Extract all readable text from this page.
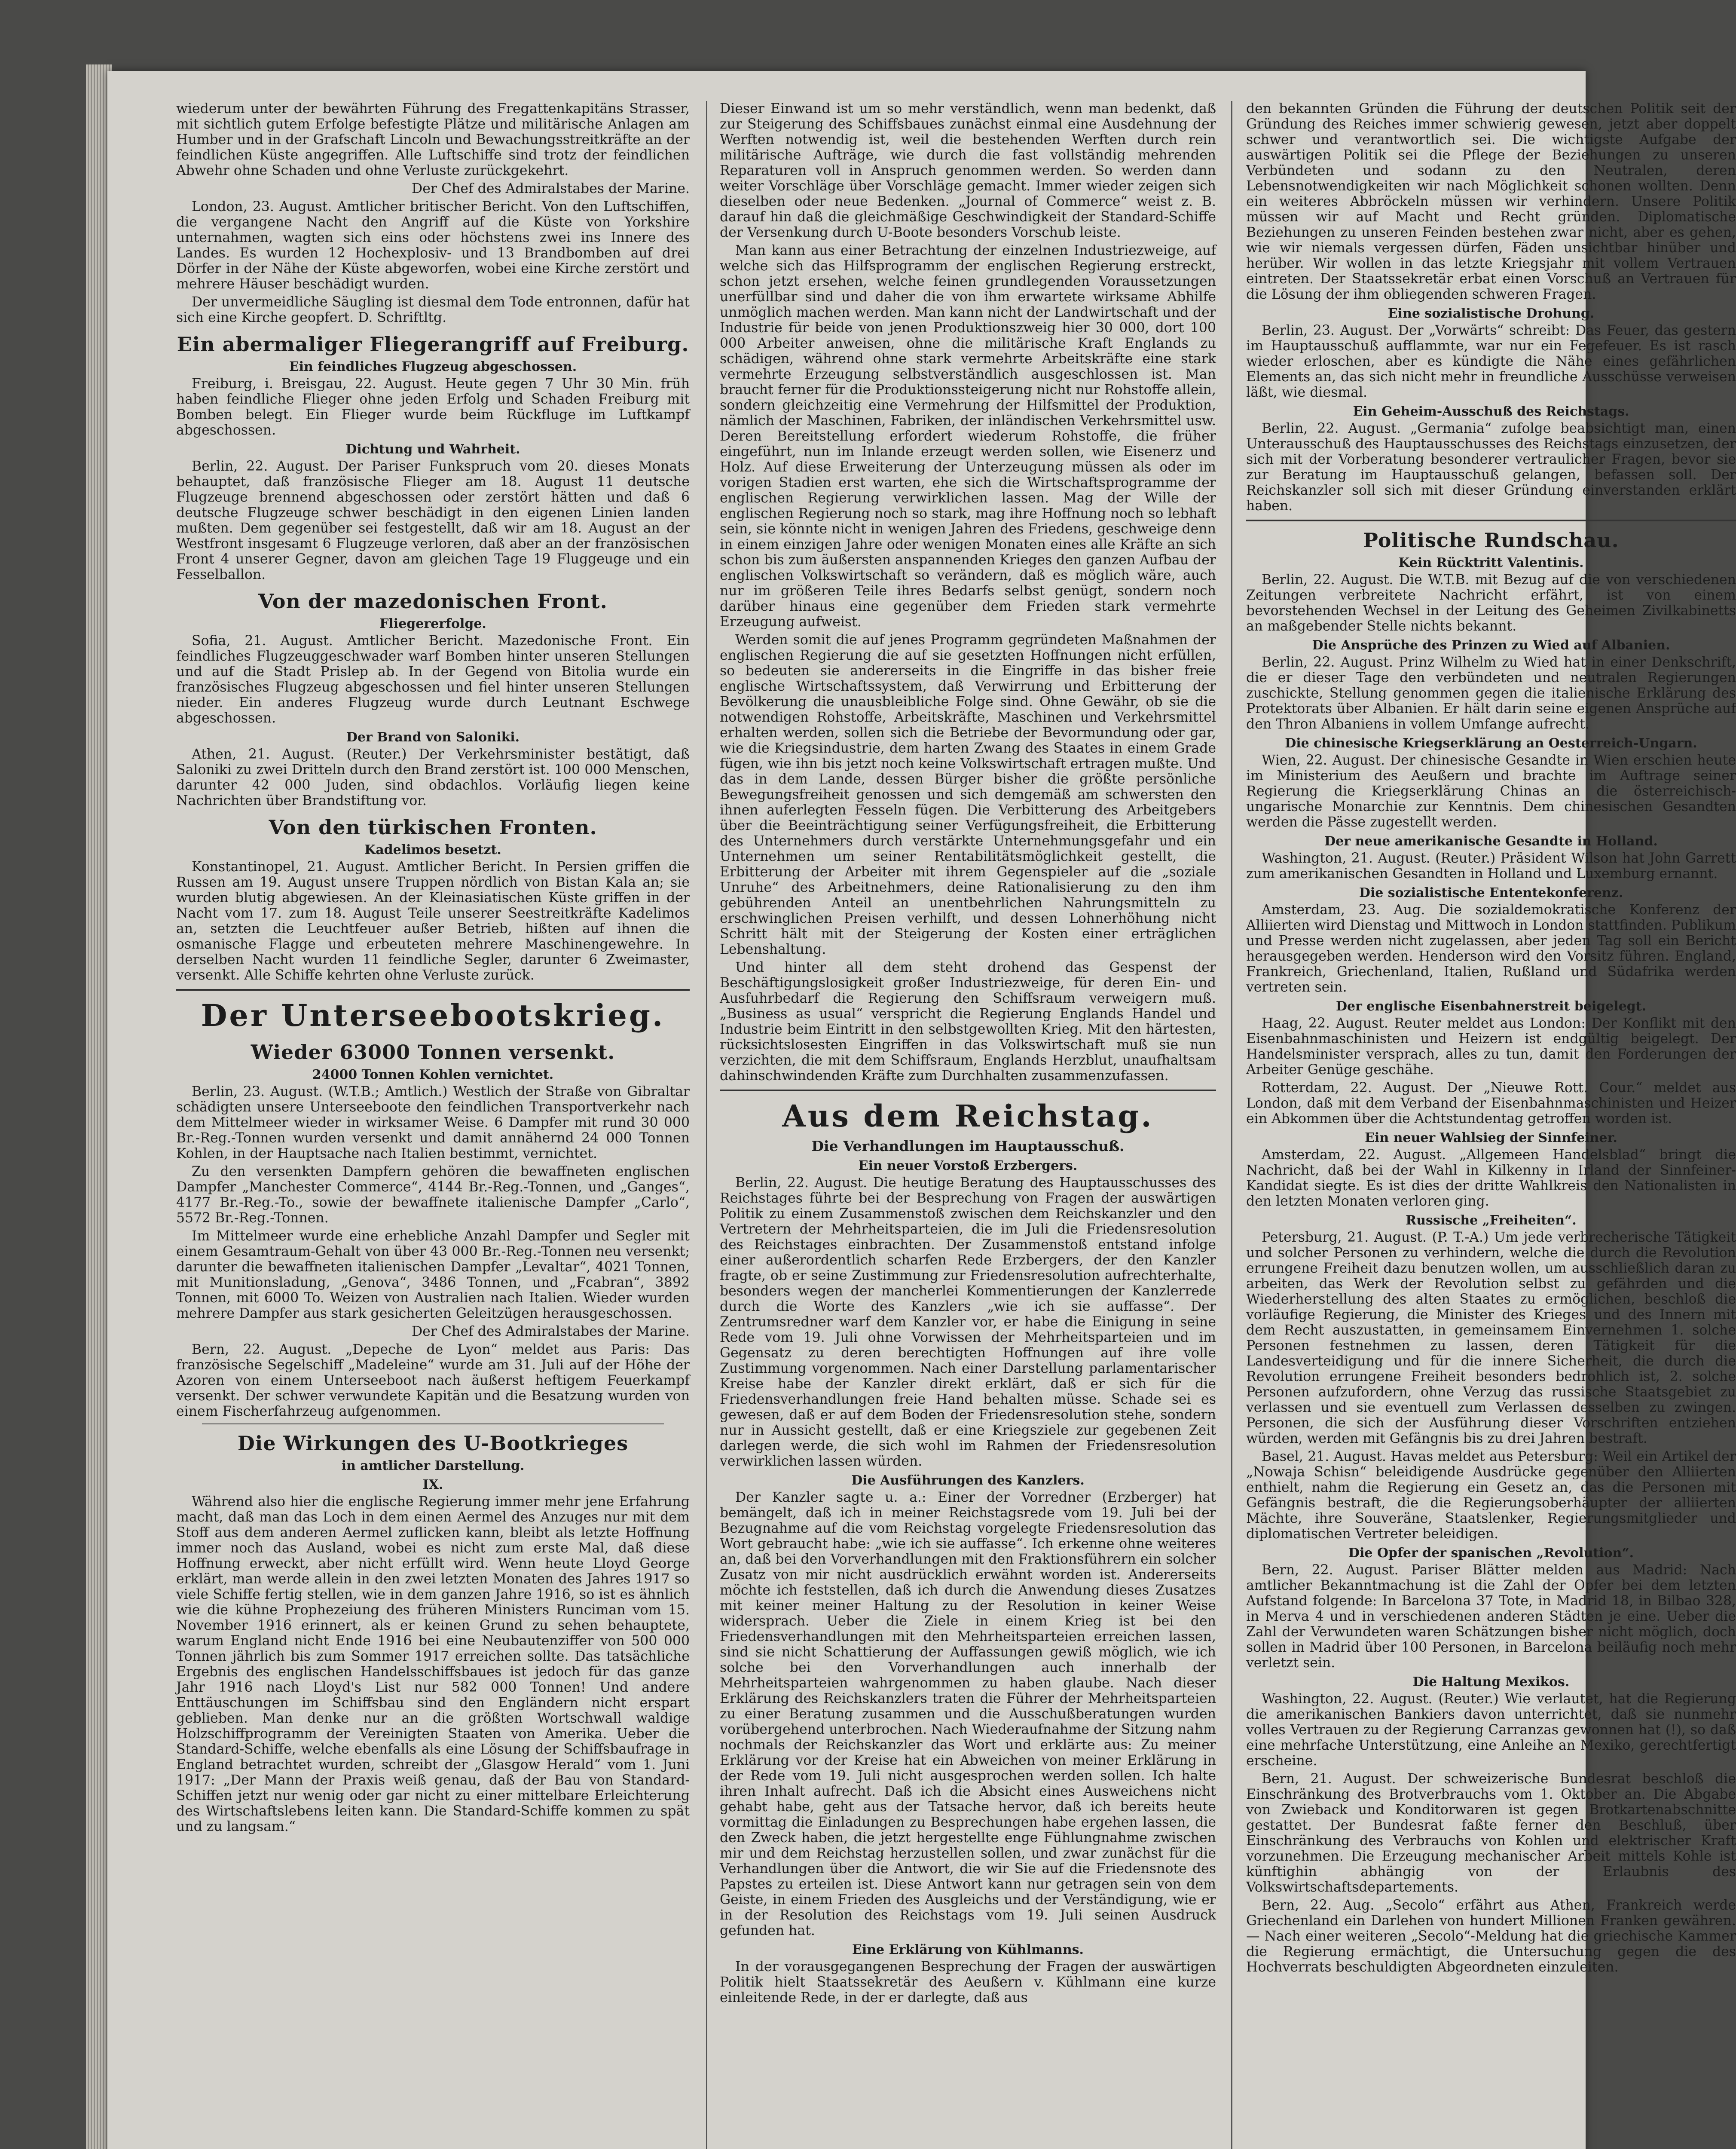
wiederum unter der bewährten Führung des Fregattenkapitäns Strasser, mit sichtlich gutem Erfolge befestigte Plätze und militärische Anlagen am Humber und in der Grafschaft Lincoln und Bewachungsstreitkräfte an der feindlichen Küste angegriffen. Alle Luftschiffe sind trotz der feindlichen Abwehr ohne Schaden und ohne Verluste zurückgekehrt.

Der Chef des Admiralstabes der Marine.

London, 23. August. Amtlicher britischer Bericht. Von den Luftschiffen, die vergangene Nacht den Angriff auf die Küste von Yorkshire unternahmen, wagten sich eins oder höchstens zwei ins Innere des Landes. Es wurden 12 Hochexplosiv- und 13 Brandbomben auf drei Dörfer in der Nähe der Küste abgeworfen, wobei eine Kirche zerstört und mehrere Häuser beschädigt wurden.

Der unvermeidliche Säugling ist diesmal dem Tode entronnen, dafür hat sich eine Kirche geopfert. D. Schriftltg.

Ein abermaliger Fliegerangriff auf Freiburg.
Ein feindliches Flugzeug abgeschossen.

Freiburg, i. Breisgau, 22. August. Heute gegen 7 Uhr 30 Min. früh haben feindliche Flieger ohne jeden Erfolg und Schaden Freiburg mit Bomben belegt. Ein Flieger wurde beim Rückfluge im Luftkampf abgeschossen.

Dichtung und Wahrheit.

Berlin, 22. August. Der Pariser Funkspruch vom 20. dieses Monats behauptet, daß französische Flieger am 18. August 11 deutsche Flugzeuge brennend abgeschossen oder zerstört hätten und daß 6 deutsche Flugzeuge schwer beschädigt in den eigenen Linien landen mußten. Dem gegenüber sei festgestellt, daß wir am 18. August an der Westfront insgesamt 6 Flugzeuge verloren, daß aber an der französischen Front 4 unserer Gegner, davon am gleichen Tage 19 Fluggeuge und ein Fesselballon.

Von der mazedonischen Front.
Fliegererfolge.

Sofia, 21. August. Amtlicher Bericht. Mazedonische Front. Ein feindliches Flugzeuggeschwader warf Bomben hinter unseren Stellungen und auf die Stadt Prislep ab. In der Gegend von Bitolia wurde ein französisches Flugzeug abgeschossen und fiel hinter unseren Stellungen nieder. Ein anderes Flugzeug wurde durch Leutnant Eschwege abgeschossen.

Der Brand von Saloniki.

Athen, 21. August. (Reuter.) Der Verkehrsminister bestätigt, daß Saloniki zu zwei Dritteln durch den Brand zerstört ist. 100 000 Menschen, darunter 42 000 Juden, sind obdachlos. Vorläufig liegen keine Nachrichten über Brandstiftung vor.

Von den türkischen Fronten.
Kadelimos besetzt.

Konstantinopel, 21. August. Amtlicher Bericht. In Persien griffen die Russen am 19. August unsere Truppen nördlich von Bistan Kala an; sie wurden blutig abgewiesen. An der Kleinasiatischen Küste griffen in der Nacht vom 17. zum 18. August Teile unserer Seestreitkräfte Kadelimos an, setzten die Leuchtfeuer außer Betrieb, hißten auf ihnen die osmanische Flagge und erbeuteten mehrere Maschinengewehre. In derselben Nacht wurden 11 feindliche Segler, darunter 6 Zweimaster, versenkt. Alle Schiffe kehrten ohne Verluste zurück.

Der Unterseebootskrieg.
Wieder 63000 Tonnen versenkt.
24000 Tonnen Kohlen vernichtet.

Berlin, 23. August. (W.T.B.; Amtlich.) Westlich der Straße von Gibraltar schädigten unsere Unterseeboote den feindlichen Transportverkehr nach dem Mittelmeer wieder in wirksamer Weise. 6 Dampfer mit rund 30 000 Br.-Reg.-Tonnen wurden versenkt und damit annähernd 24 000 Tonnen Kohlen, in der Hauptsache nach Italien bestimmt, vernichtet.

Zu den versenkten Dampfern gehören die bewaffneten englischen Dampfer „Manchester Commerce“, 4144 Br.-Reg.-Tonnen, und „Ganges“, 4177 Br.-Reg.-To., sowie der bewaffnete italienische Dampfer „Carlo“, 5572 Br.-Reg.-Tonnen.

Im Mittelmeer wurde eine erhebliche Anzahl Dampfer und Segler mit einem Gesamtraum-Gehalt von über 43 000 Br.-Reg.-Tonnen neu versenkt; darunter die bewaffneten italienischen Dampfer „Levaltar“, 4021 Tonnen, mit Munitionsladung, „Genova“, 3486 Tonnen, und „Fcabran“, 3892 Tonnen, mit 6000 To. Weizen von Australien nach Italien. Wieder wurden mehrere Dampfer aus stark gesicherten Geleitzügen herausgeschossen.

Der Chef des Admiralstabes der Marine.

Bern, 22. August. „Depeche de Lyon“ meldet aus Paris: Das französische Segelschiff „Madeleine“ wurde am 31. Juli auf der Höhe der Azoren von einem Unterseeboot nach äußerst heftigem Feuerkampf versenkt. Der schwer verwundete Kapitän und die Besatzung wurden von einem Fischerfahrzeug aufgenommen.

Die Wirkungen des U-Bootkrieges
in amtlicher Darstellung.
IX.

Während also hier die englische Regierung immer mehr jene Erfahrung macht, daß man das Loch in dem einen Aermel des Anzuges nur mit dem Stoff aus dem anderen Aermel zuflicken kann, bleibt als letzte Hoffnung immer noch das Ausland, wobei es nicht zum erste Mal, daß diese Hoffnung erweckt, aber nicht erfüllt wird. Wenn heute Lloyd George erklärt, man werde allein in den zwei letzten Monaten des Jahres 1917 so viele Schiffe fertig stellen, wie in dem ganzen Jahre 1916, so ist es ähnlich wie die kühne Prophezeiung des früheren Ministers Runciman vom 15. November 1916 erinnert, als er keinen Grund zu sehen behauptete, warum England nicht Ende 1916 bei eine Neubautenziffer von 500 000 Tonnen jährlich bis zum Sommer 1917 erreichen sollte. Das tatsächliche Ergebnis des englischen Handelsschiffsbaues ist jedoch für das ganze Jahr 1916 nach Lloyd's List nur 582 000 Tonnen! Und andere Enttäuschungen im Schiffsbau sind den Engländern nicht erspart geblieben. Man denke nur an die größten Wortschwall waldige Holzschiffprogramm der Vereinigten Staaten von Amerika. Ueber die Standard-Schiffe, welche ebenfalls als eine Lösung der Schiffsbaufrage in England betrachtet wurden, schreibt der „Glasgow Herald“ vom 1. Juni 1917: „Der Mann der Praxis weiß genau, daß der Bau von Standard-Schiffen jetzt nur wenig oder gar nicht zu einer mittelbare Erleichterung des Wirtschaftslebens leiten kann. Die Standard-Schiffe kommen zu spät und zu langsam.“

Dieser Einwand ist um so mehr verständlich, wenn man bedenkt, daß zur Steigerung des Schiffsbaues zunächst einmal eine Ausdehnung der Werften notwendig ist, weil die bestehenden Werften durch rein militärische Aufträge, wie durch die fast vollständig mehrenden Reparaturen voll in Anspruch genommen werden. So werden dann weiter Vorschläge über Vorschläge gemacht. Immer wieder zeigen sich dieselben oder neue Bedenken. „Journal of Commerce“ weist z. B. darauf hin daß die gleichmäßige Geschwindigkeit der Standard-Schiffe der Versenkung durch U-Boote besonders Vorschub leiste.

Man kann aus einer Betrachtung der einzelnen Industriezweige, auf welche sich das Hilfsprogramm der englischen Regierung erstreckt, schon jetzt ersehen, welche feinen grundlegenden Voraussetzungen unerfüllbar sind und daher die von ihm erwartete wirksame Abhilfe unmöglich machen werden. Man kann nicht der Landwirtschaft und der Industrie für beide von jenen Produktionszweig hier 30 000, dort 100 000 Arbeiter anweisen, ohne die militärische Kraft Englands zu schädigen, während ohne stark vermehrte Arbeitskräfte eine stark vermehrte Erzeugung selbstverständlich ausgeschlossen ist. Man braucht ferner für die Produktionssteigerung nicht nur Rohstoffe allein, sondern gleichzeitig eine Vermehrung der Hilfsmittel der Produktion, nämlich der Maschinen, Fabriken, der inländischen Verkehrsmittel usw. Deren Bereitstellung erfordert wiederum Rohstoffe, die früher eingeführt, nun im Inlande erzeugt werden sollen, wie Eisenerz und Holz. Auf diese Erweiterung der Unterzeugung müssen als oder im vorigen Stadien erst warten, ehe sich die Wirtschaftsprogramme der englischen Regierung verwirklichen lassen. Mag der Wille der englischen Regierung noch so stark, mag ihre Hoffnung noch so lebhaft sein, sie könnte nicht in wenigen Jahren des Friedens, geschweige denn in einem einzigen Jahre oder wenigen Monaten eines alle Kräfte an sich schon bis zum äußersten anspannenden Krieges den ganzen Aufbau der englischen Volkswirtschaft so verändern, daß es möglich wäre, auch nur im größeren Teile ihres Bedarfs selbst genügt, sondern noch darüber hinaus eine gegenüber dem Frieden stark vermehrte Erzeugung aufweist.

Werden somit die auf jenes Programm gegründeten Maßnahmen der englischen Regierung die auf sie gesetzten Hoffnungen nicht erfüllen, so bedeuten sie andererseits in die Eingriffe in das bisher freie englische Wirtschaftssystem, daß Verwirrung und Erbitterung der Bevölkerung die unausbleibliche Folge sind. Ohne Gewähr, ob sie die notwendigen Rohstoffe, Arbeitskräfte, Maschinen und Verkehrsmittel erhalten werden, sollen sich die Betriebe der Bevormundung oder gar, wie die Kriegsindustrie, dem harten Zwang des Staates in einem Grade fügen, wie ihn bis jetzt noch keine Volkswirtschaft ertragen mußte. Und das in dem Lande, dessen Bürger bisher die größte persönliche Bewegungsfreiheit genossen und sich demgemäß am schwersten den ihnen auferlegten Fesseln fügen. Die Verbitterung des Arbeitgebers über die Beeinträchtigung seiner Verfügungsfreiheit, die Erbitterung des Unternehmers durch verstärkte Unternehmungsgefahr und ein Unternehmen um seiner Rentabilitätsmöglichkeit gestellt, die Erbitterung der Arbeiter mit ihrem Gegenspieler auf die „soziale Unruhe“ des Arbeitnehmers, deine Rationalisierung zu den ihm gebührenden Anteil an unentbehrlichen Nahrungsmitteln zu erschwinglichen Preisen verhilft, und dessen Lohnerhöhung nicht Schritt hält mit der Steigerung der Kosten einer erträglichen Lebenshaltung.

Und hinter all dem steht drohend das Gespenst der Beschäftigungslosigkeit großer Industriezweige, für deren Ein- und Ausfuhrbedarf die Regierung den Schiffsraum verweigern muß. „Business as usual“ verspricht die Regierung Englands Handel und Industrie beim Eintritt in den selbstgewollten Krieg. Mit den härtesten, rücksichtslosesten Eingriffen in das Volkswirtschaft muß sie nun verzichten, die mit dem Schiffsraum, Englands Herzblut, unaufhaltsam dahinschwindenden Kräfte zum Durchhalten zusammenzufassen.

Aus dem Reichstag.
Die Verhandlungen im Hauptausschuß.
Ein neuer Vorstoß Erzbergers.

Berlin, 22. August. Die heutige Beratung des Hauptausschusses des Reichstages führte bei der Besprechung von Fragen der auswärtigen Politik zu einem Zusammenstoß zwischen dem Reichskanzler und den Vertretern der Mehrheitsparteien, die im Juli die Friedensresolution des Reichstages einbrachten. Der Zusammenstoß entstand infolge einer außerordentlich scharfen Rede Erzbergers, der den Kanzler fragte, ob er seine Zustimmung zur Friedensresolution aufrechterhalte, besonders wegen der mancherlei Kommentierungen der Kanzlerrede durch die Worte des Kanzlers „wie ich sie auffasse“. Der Zentrumsredner warf dem Kanzler vor, er habe die Einigung in seine Rede vom 19. Juli ohne Vorwissen der Mehrheitsparteien und im Gegensatz zu deren berechtigten Hoffnungen auf ihre volle Zustimmung vorgenommen. Nach einer Darstellung parlamentarischer Kreise habe der Kanzler direkt erklärt, daß er sich für die Friedensverhandlungen freie Hand behalten müsse. Schade sei es gewesen, daß er auf dem Boden der Friedensresolution stehe, sondern nur in Aussicht gestellt, daß er eine Kriegsziele zur gegebenen Zeit darlegen werde, die sich wohl im Rahmen der Friedensresolution verwirklichen lassen würden.

Die Ausführungen des Kanzlers.

Der Kanzler sagte u. a.: Einer der Vorredner (Erzberger) hat bemängelt, daß ich in meiner Reichstagsrede vom 19. Juli bei der Bezugnahme auf die vom Reichstag vorgelegte Friedensresolution das Wort gebraucht habe: „wie ich sie auffasse“. Ich erkenne ohne weiteres an, daß bei den Vorverhandlungen mit den Fraktionsführern ein solcher Zusatz von mir nicht ausdrücklich erwähnt worden ist. Andererseits möchte ich feststellen, daß ich durch die Anwendung dieses Zusatzes mit keiner meiner Haltung zu der Resolution in keiner Weise widersprach. Ueber die Ziele in einem Krieg ist bei den Friedensverhandlungen mit den Mehrheitsparteien erreichen lassen, sind sie nicht Schattierung der Auffassungen gewiß möglich, wie ich solche bei den Vorverhandlungen auch innerhalb der Mehrheitsparteien wahrgenommen zu haben glaube. Nach dieser Erklärung des Reichskanzlers traten die Führer der Mehrheitsparteien zu einer Beratung zusammen und die Ausschußberatungen wurden vorübergehend unterbrochen. Nach Wiederaufnahme der Sitzung nahm nochmals der Reichskanzler das Wort und erklärte aus: Zu meiner Erklärung vor der Kreise hat ein Abweichen von meiner Erklärung in der Rede vom 19. Juli nicht ausgesprochen werden sollen. Ich halte ihren Inhalt aufrecht. Daß ich die Absicht eines Ausweichens nicht gehabt habe, geht aus der Tatsache hervor, daß ich bereits heute vormittag die Einladungen zu Besprechungen habe ergehen lassen, die den Zweck haben, die jetzt hergestellte enge Fühlungnahme zwischen mir und dem Reichstag herzustellen sollen, und zwar zunächst für die Verhandlungen über die Antwort, die wir Sie auf die Friedensnote des Papstes zu erteilen ist. Diese Antwort kann nur getragen sein von dem Geiste, in einem Frieden des Ausgleichs und der Verständigung, wie er in der Resolution des Reichstags vom 19. Juli seinen Ausdruck gefunden hat.

Eine Erklärung von Kühlmanns.

In der vorausgegangenen Besprechung der Fragen der auswärtigen Politik hielt Staatssekretär des Aeußern v. Kühlmann eine kurze einleitende Rede, in der er darlegte, daß aus

den bekannten Gründen die Führung der deutschen Politik seit der Gründung des Reiches immer schwierig gewesen, jetzt aber doppelt schwer und verantwortlich sei. Die wichtigste Aufgabe der auswärtigen Politik sei die Pflege der Beziehungen zu unseren Verbündeten und sodann zu den Neutralen, deren Lebensnotwendigkeiten wir nach Möglichkeit schonen wollten. Denn ein weiteres Abbröckeln müssen wir verhindern. Unsere Politik müssen wir auf Macht und Recht gründen. Diplomatische Beziehungen zu unseren Feinden bestehen zwar nicht, aber es gehen, wie wir niemals vergessen dürfen, Fäden unsichtbar hinüber und herüber. Wir wollen in das letzte Kriegsjahr mit vollem Vertrauen eintreten. Der Staatssekretär erbat einen Vorschuß an Vertrauen für die Lösung der ihm obliegenden schweren Fragen.

Eine sozialistische Drohung.

Berlin, 23. August. Der „Vorwärts“ schreibt: Das Feuer, das gestern im Hauptausschuß aufflammte, war nur ein Fegefeuer. Es ist rasch wieder erloschen, aber es kündigte die Nähe eines gefährlichen Elements an, das sich nicht mehr in freundliche Ausschüsse verweisen läßt, wie diesmal.

Ein Geheim-Ausschuß des Reichstags.

Berlin, 22. August. „Germania“ zufolge beabsichtigt man, einen Unterausschuß des Hauptausschusses des Reichstags einzusetzen, der sich mit der Vorberatung besonderer vertraulicher Fragen, bevor sie zur Beratung im Hauptausschuß gelangen, befassen soll. Der Reichskanzler soll sich mit dieser Gründung einverstanden erklärt haben.

Politische Rundschau.
Kein Rücktritt Valentinis.

Berlin, 22. August. Die W.T.B. mit Bezug auf die von verschiedenen Zeitungen verbreitete Nachricht erfährt, ist von einem bevorstehenden Wechsel in der Leitung des Geheimen Zivilkabinetts an maßgebender Stelle nichts bekannt.

Die Ansprüche des Prinzen zu Wied auf Albanien.

Berlin, 22. August. Prinz Wilhelm zu Wied hat in einer Denkschrift, die er dieser Tage den verbündeten und neutralen Regierungen zuschickte, Stellung genommen gegen die italienische Erklärung des Protektorats über Albanien. Er hält darin seine eigenen Ansprüche auf den Thron Albaniens in vollem Umfange aufrecht.

Die chinesische Kriegserklärung an Oesterreich-Ungarn.

Wien, 22. August. Der chinesische Gesandte in Wien erschien heute im Ministerium des Aeußern und brachte im Auftrage seiner Regierung die Kriegserklärung Chinas an die österreichisch-ungarische Monarchie zur Kenntnis. Dem chinesischen Gesandten werden die Pässe zugestellt werden.

Der neue amerikanische Gesandte in Holland.

Washington, 21. August. (Reuter.) Präsident Wilson hat John Garrett zum amerikanischen Gesandten in Holland und Luxemburg ernannt.

Die sozialistische Ententekonferenz.

Amsterdam, 23. Aug. Die sozialdemokratische Konferenz der Alliierten wird Dienstag und Mittwoch in London stattfinden. Publikum und Presse werden nicht zugelassen, aber jeden Tag soll ein Bericht herausgegeben werden. Henderson wird den Vorsitz führen. England, Frankreich, Griechenland, Italien, Rußland und Südafrika werden vertreten sein.

Der englische Eisenbahnerstreit beigelegt.

Haag, 22. August. Reuter meldet aus London: Der Konflikt mit den Eisenbahnmaschinisten und Heizern ist endgültig beigelegt. Der Handelsminister versprach, alles zu tun, damit den Forderungen der Arbeiter Genüge geschähe.

Rotterdam, 22. August. Der „Nieuwe Rott. Cour.“ meldet aus London, daß mit dem Verband der Eisenbahnmaschinisten und Heizer ein Abkommen über die Achtstundentag getroffen worden ist.

Ein neuer Wahlsieg der Sinnfeiner.

Amsterdam, 22. August. „Allgemeen Handelsblad“ bringt die Nachricht, daß bei der Wahl in Kilkenny in Irland der Sinnfeiner-Kandidat siegte. Es ist dies der dritte Wahlkreis den Nationalisten in den letzten Monaten verloren ging.

Russische „Freiheiten“.

Petersburg, 21. August. (P. T.-A.) Um jede verbrecherische Tätigkeit und solcher Personen zu verhindern, welche die durch die Revolution errungene Freiheit dazu benutzen wollen, um ausschließlich daran zu arbeiten, das Werk der Revolution selbst zu gefährden und die Wiederherstellung des alten Staates zu ermöglichen, beschloß die vorläufige Regierung, die Minister des Krieges und des Innern mit dem Recht auszustatten, in gemeinsamem Einvernehmen 1. solche Personen festnehmen zu lassen, deren Tätigkeit für die Landesverteidigung und für die innere Sicherheit, die durch die Revolution errungene Freiheit besonders bedrohlich ist, 2. solche Personen aufzufordern, ohne Verzug das russische Staatsgebiet zu verlassen und sie eventuell zum Verlassen desselben zu zwingen. Personen, die sich der Ausführung dieser Vorschriften entziehen würden, werden mit Gefängnis bis zu drei Jahren bestraft.

Basel, 21. August. Havas meldet aus Petersburg: Weil ein Artikel der „Nowaja Schisn“ beleidigende Ausdrücke gegenüber den Alliierten enthielt, nahm die Regierung ein Gesetz an, das die Personen mit Gefängnis bestraft, die die Regierungsoberhäupter der alliierten Mächte, ihre Souveräne, Staatslenker, Regierungsmitglieder und diplomatischen Vertreter beleidigen.

Die Opfer der spanischen „Revolution“.

Bern, 22. August. Pariser Blätter melden aus Madrid: Nach amtlicher Bekanntmachung ist die Zahl der Opfer bei dem letzten Aufstand folgende: In Barcelona 37 Tote, in Madrid 18, in Bilbao 328, in Merva 4 und in verschiedenen anderen Städten je eine. Ueber die Zahl der Verwundeten waren Schätzungen bisher nicht möglich, doch sollen in Madrid über 100 Personen, in Barcelona beiläufig noch mehr verletzt sein.

Die Haltung Mexikos.

Washington, 22. August. (Reuter.) Wie verlautet, hat die Regierung die amerikanischen Bankiers davon unterrichtet, daß sie nunmehr volles Vertrauen zu der Regierung Carranzas gewonnen hat (!), so daß eine mehrfache Unterstützung, eine Anleihe an Mexiko, gerechtfertigt erscheine.

Bern, 21. August. Der schweizerische Bundesrat beschloß die Einschränkung des Brotverbrauchs vom 1. Oktober an. Die Abgabe von Zwieback und Konditorwaren ist gegen Brotkartenabschnitte gestattet. Der Bundesrat faßte ferner den Beschluß, über Einschränkung des Verbrauchs von Kohlen und elektrischer Kraft vorzunehmen. Die Erzeugung mechanischer Arbeit mittels Kohle ist künftighin abhängig von der Erlaubnis des Volkswirtschaftsdepartements.

Bern, 22. Aug. „Secolo“ erfährt aus Athen, Frankreich werde Griechenland ein Darlehen von hundert Millionen Franken gewähren. — Nach einer weiteren „Secolo“-Meldung hat die griechische Kammer die Regierung ermächtigt, die Untersuchung gegen die des Hochverrats beschuldigten Abgeordneten einzuleiten.
